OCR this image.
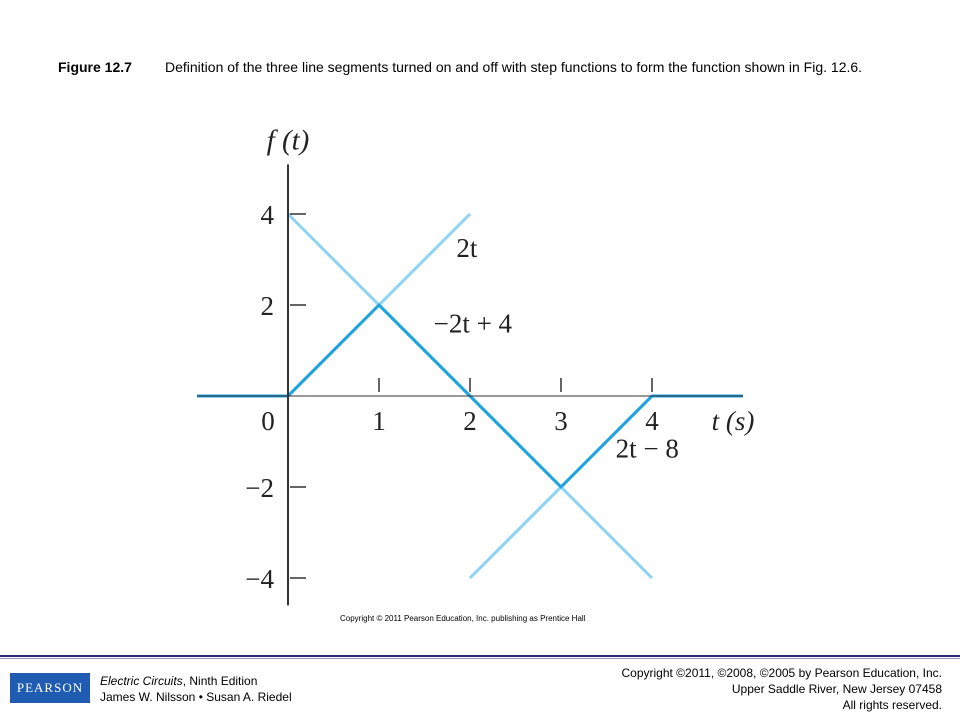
Figure 12.7 Definition of the three line segments turned on and off with step functions to form the function shown in Fig. 12.6.
0	1	2	3	4
4
2
−2
−4
f (t)
t (s)
2t
−2t + 4
2t − 8
Copyright © 2011 Pearson Education, Inc. publishing as Prentice Hall
PEARSON	Electric Circuits, Ninth Edition
James W. Nilsson • Susan A. Riedel
Copyright ©2011, ©2008, ©2005 by Pearson Education, Inc.
Upper Saddle River, New Jersey 07458
All rights reserved.
